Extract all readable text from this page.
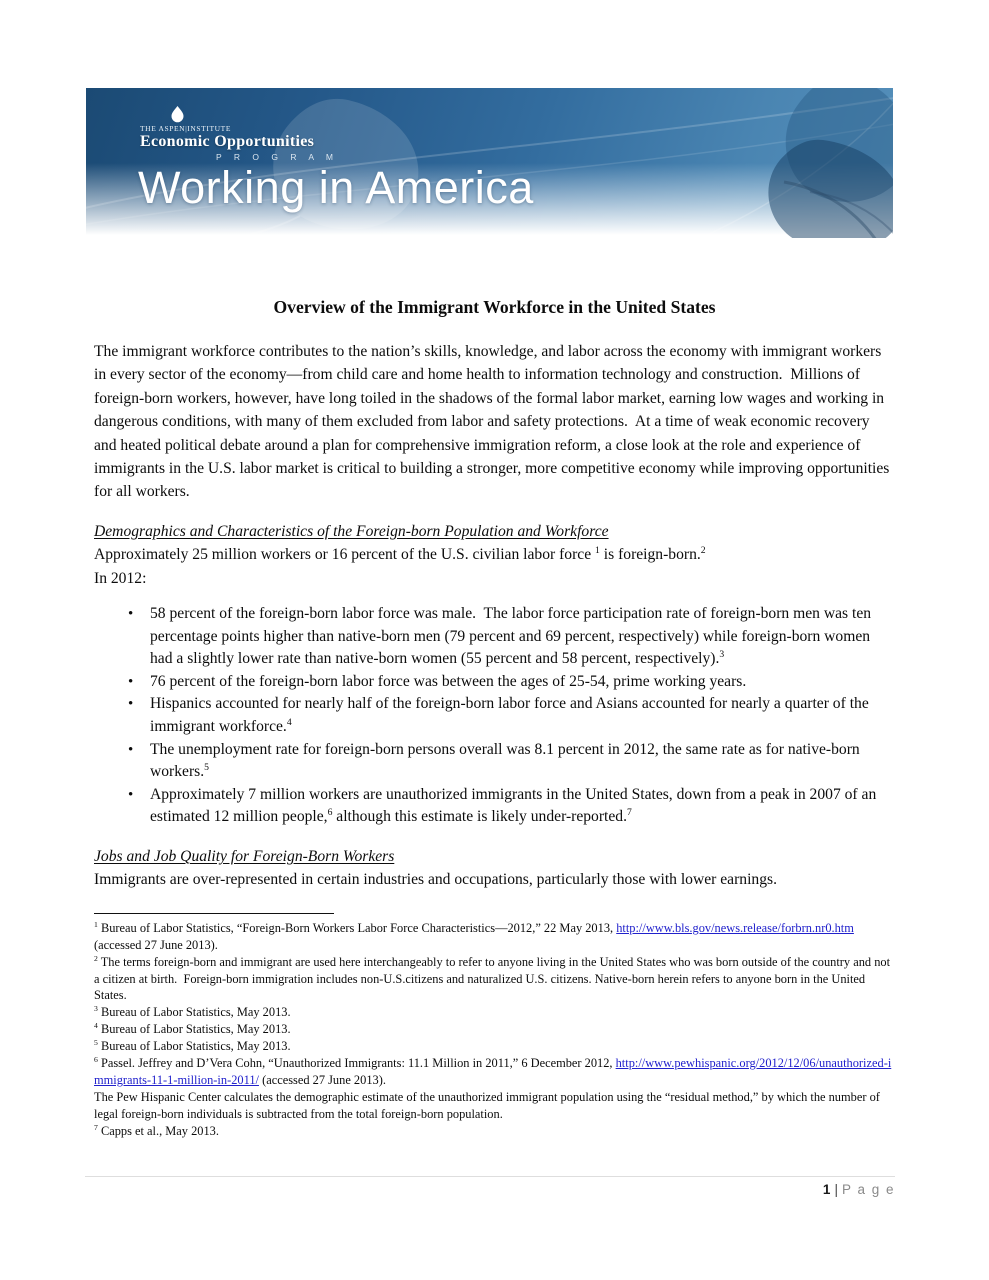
THE ASPEN|INSTITUTE
Economic Opportunities
P R O G R A M
Working in America
Overview of the Immigrant Workforce in the United States

The immigrant workforce contributes to the nation’s skills, knowledge, and labor across the economy with immigrant workers in every sector of the economy—from child care and home health to information technology and construction.  Millions of foreign-born workers, however, have long toiled in the shadows of the formal labor market, earning low wages and working in dangerous conditions, with many of them excluded from labor and safety protections.  At a time of weak economic recovery and heated political debate around a plan for comprehensive immigration reform, a close look at the role and experience of immigrants in the U.S. labor market is critical to building a stronger, more competitive economy while improving opportunities for all workers.

Demographics and Characteristics of the Foreign-born Population and Workforce

Approximately 25 million workers or 16 percent of the U.S. civilian labor force $^1$ is foreign-born.$^2$

In 2012:

• 58 percent of the foreign-born labor force was male.  The labor force participation rate of foreign-born men was ten percentage points higher than native-born men (79 percent and 69 percent, respectively) while foreign-born women had a slightly lower rate than native-born women (55 percent and 58 percent, respectively).$^3$
• 76 percent of the foreign-born labor force was between the ages of 25-54, prime working years.
• Hispanics accounted for nearly half of the foreign-born labor force and Asians accounted for nearly a quarter of the immigrant workforce.$^4$
• The unemployment rate for foreign-born persons overall was 8.1 percent in 2012, the same rate as for native-born workers.$^5$
• Approximately 7 million workers are unauthorized immigrants in the United States, down from a peak in 2007 of an estimated 12 million people,$^6$ although this estimate is likely under-reported.$^7$

Jobs and Job Quality for Foreign-Born Workers

Immigrants are over-represented in certain industries and occupations, particularly those with lower earnings.

$^1$ Bureau of Labor Statistics, “Foreign-Born Workers Labor Force Characteristics—2012,” 22 May 2013, http://www.bls.gov/news.release/forbrn.nr0.htm (accessed 27 June 2013).
$^2$ The terms foreign-born and immigrant are used here interchangeably to refer to anyone living in the United States who was born outside of the country and not a citizen at birth.  Foreign-born immigration includes non-U.S.citizens and naturalized U.S. citizens. Native-born herein refers to anyone born in the United States.
$^3$ Bureau of Labor Statistics, May 2013.
$^4$ Bureau of Labor Statistics, May 2013.
$^5$ Bureau of Labor Statistics, May 2013.
$^6$ Passel. Jeffrey and D’Vera Cohn, “Unauthorized Immigrants: 11.1 Million in 2011,” 6 December 2012, http://www.pewhispanic.org/2012/12/06/unauthorized-immigrants-11-1-million-in-2011/ (accessed 27 June 2013).
The Pew Hispanic Center calculates the demographic estimate of the unauthorized immigrant population using the “residual method,” by which the number of legal foreign-born individuals is subtracted from the total foreign-born population.
$^7$ Capps et al., May 2013.
1 | P a g e
